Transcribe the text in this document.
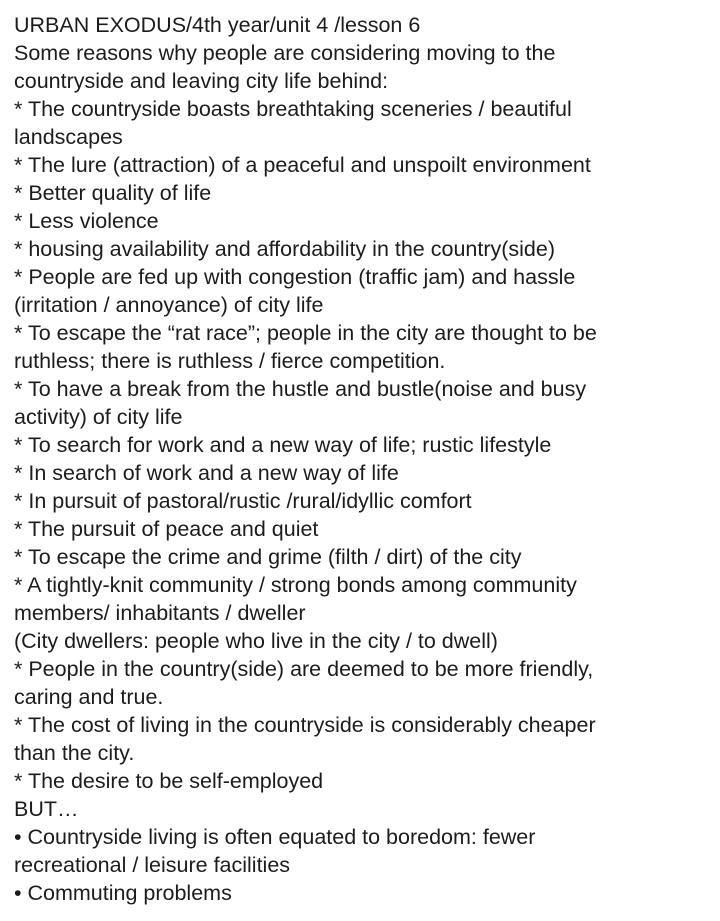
URBAN EXODUS/4th year/unit 4 /lesson 6
Some reasons why people are considering moving to the
countryside and leaving city life behind:
* The countryside boasts breathtaking sceneries / beautiful
landscapes
* The lure (attraction) of a peaceful and unspoilt environment
* Better quality of life
* Less violence
* housing availability and affordability in the country(side)
* People are fed up with congestion (traffic jam) and hassle
(irritation / annoyance) of city life
* To escape the “rat race”; people in the city are thought to be
ruthless; there is ruthless / fierce competition.
* To have a break from the hustle and bustle(noise and busy
activity) of city life
* To search for work and a new way of life; rustic lifestyle
* In search of work and a new way of life
* In pursuit of pastoral/rustic /rural/idyllic comfort
* The pursuit of peace and quiet
* To escape the crime and grime (filth / dirt) of the city
* A tightly-knit community / strong bonds among community
members/ inhabitants / dweller
(City dwellers: people who live in the city / to dwell)
* People in the country(side) are deemed to be more friendly,
caring and true.
* The cost of living in the countryside is considerably cheaper
than the city.
* The desire to be self-employed
BUT…
• Countryside living is often equated to boredom: fewer
recreational / leisure facilities
• Commuting problems
